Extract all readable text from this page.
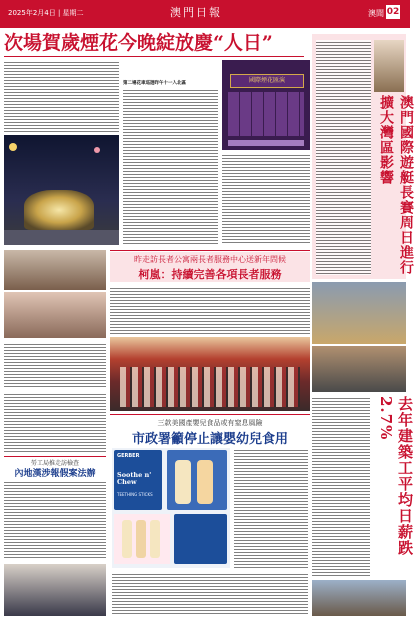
2025年2月4日 | 星期二	澳門日報	澳聞 02
次場賀歲煙花今晚綻放慶“人日”
第二場花車巡遊昨午十一入北區	國際煙花匯演
澳門國際遊艇長賽周日進行擴大灣區影響
昨走訪長者公寓兩長者服務中心送新年問候
柯嵐：持續完善各項長者服務
去年建築工平均日薪跌2.7%
勞工局推走訪檢查
內地漢涉報假案法辦
三款美國產嬰兒食品或有窒息風險
市政署籲停止讓嬰幼兒食用
GERBER
Soothe n' Chew
TEETHING STICKS
